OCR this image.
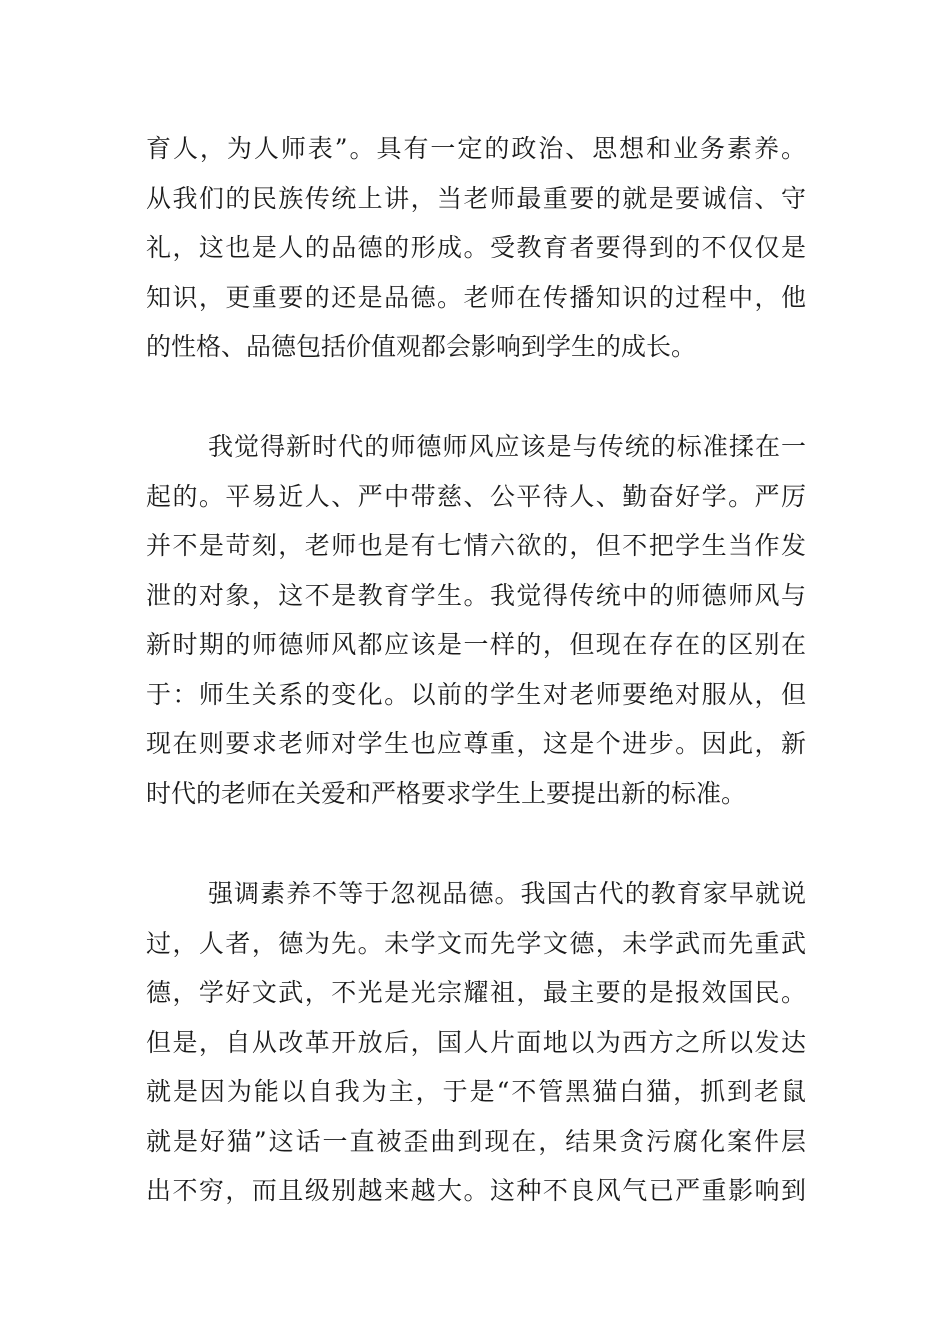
育人，为人师表”。具有一定的政治、思想和业务素养。
从我们的民族传统上讲，当老师最重要的就是要诚信、守
礼，这也是人的品德的形成。受教育者要得到的不仅仅是
知识，更重要的还是品德。老师在传播知识的过程中，他
的性格、品德包括价值观都会影响到学生的成长。
我觉得新时代的师德师风应该是与传统的标准揉在一
起的。平易近人、严中带慈、公平待人、勤奋好学。严厉
并不是苛刻，老师也是有七情六欲的，但不把学生当作发
泄的对象，这不是教育学生。我觉得传统中的师德师风与
新时期的师德师风都应该是一样的，但现在存在的区别在
于：师生关系的变化。以前的学生对老师要绝对服从，但
现在则要求老师对学生也应尊重，这是个进步。因此，新
时代的老师在关爱和严格要求学生上要提出新的标准。
强调素养不等于忽视品德。我国古代的教育家早就说
过，人者，德为先。未学文而先学文德，未学武而先重武
德，学好文武，不光是光宗耀祖，最主要的是报效国民。
但是，自从改革开放后，国人片面地以为西方之所以发达
就是因为能以自我为主，于是“不管黑猫白猫，抓到老鼠
就是好猫”这话一直被歪曲到现在，结果贪污腐化案件层
出不穷，而且级别越来越大。这种不良风气已严重影响到
